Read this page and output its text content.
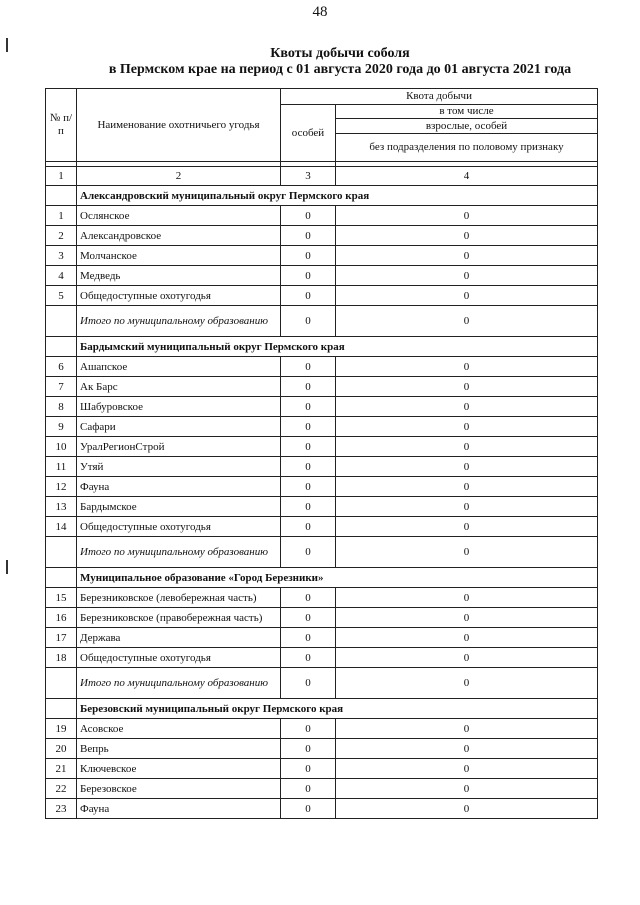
48
Квоты добычи соболя
в Пермском крае на период с 01 августа 2020 года до 01 августа 2021 года
№ п/п	Наименование охотничьего угодья	Квота добычи	
		особей	в том числе
			взрослые, особей
			без подразделения по половому признаку

1	2	3	4
	Александровский муниципальный округ Пермского края		
1	Ослянское	0	0
2	Александровское	0	0
3	Молчанское	0	0
4	Медведь	0	0
5	Общедоступные охотугодья	0	0
	Итого по муниципальному образованию	0	0
	Бардымский муниципальный округ Пермского края		
6	Ашапское	0	0
7	Ак Барс	0	0
8	Шабуровское	0	0
9	Сафари	0	0
10	УралРегионСтрой	0	0
11	Утяй	0	0
12	Фауна	0	0
13	Бардымское	0	0
14	Общедоступные охотугодья	0	0
	Итого по муниципальному образованию	0	0
	Муниципальное образование «Город Березники»		
15	Березниковское (левобережная часть)	0	0
16	Березниковское (правобережная часть)	0	0
17	Держава	0	0
18	Общедоступные охотугодья	0	0
	Итого по муниципальному образованию	0	0
	Березовский муниципальный округ Пермского края		
19	Асовское	0	0
20	Вепрь	0	0
21	Ключевское	0	0
22	Березовское	0	0
23	Фауна	0	0
